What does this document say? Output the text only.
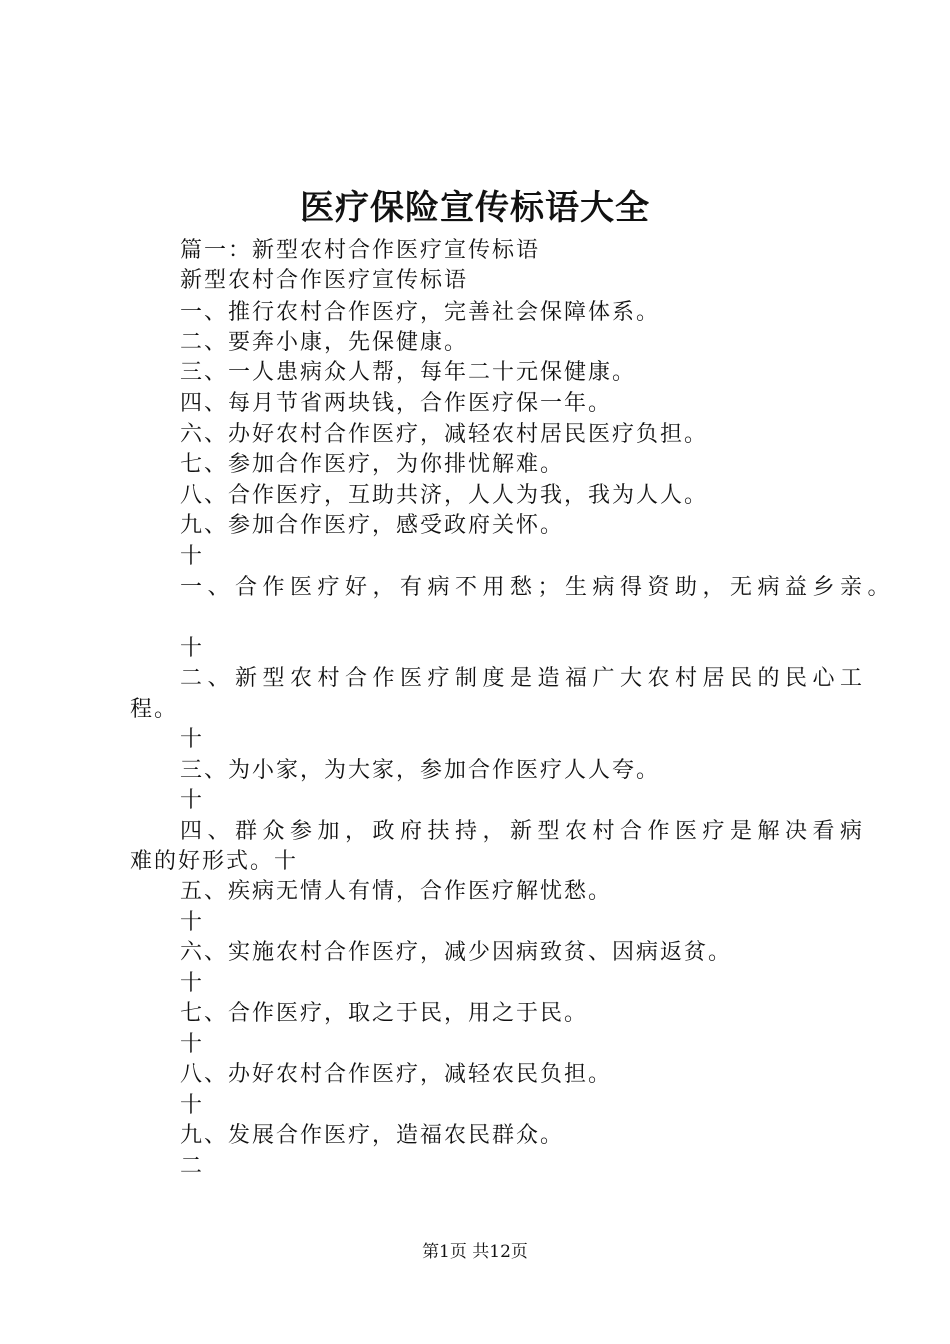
医疗保险宣传标语大全
篇一：新型农村合作医疗宣传标语
新型农村合作医疗宣传标语
一、推行农村合作医疗，完善社会保障体系。
二、要奔小康，先保健康。
三、一人患病众人帮，每年二十元保健康。
四、每月节省两块钱，合作医疗保一年。
六、办好农村合作医疗，减轻农村居民医疗负担。
七、参加合作医疗，为你排忧解难。
八、合作医疗，互助共济，人人为我，我为人人。
九、参加合作医疗，感受政府关怀。
十
一、合作医疗好，有病不用愁；生病得资助，无病益乡亲。
十
二、新型农村合作医疗制度是造福广大农村居民的民心工
程。
十
三、为小家，为大家，参加合作医疗人人夸。
十
四、群众参加，政府扶持，新型农村合作医疗是解决看病
难的好形式。十
五、疾病无情人有情，合作医疗解忧愁。
十
六、实施农村合作医疗，减少因病致贫、因病返贫。
十
七、合作医疗，取之于民，用之于民。
十
八、办好农村合作医疗，减轻农民负担。
十
九、发展合作医疗，造福农民群众。
二
第1页 共12页
